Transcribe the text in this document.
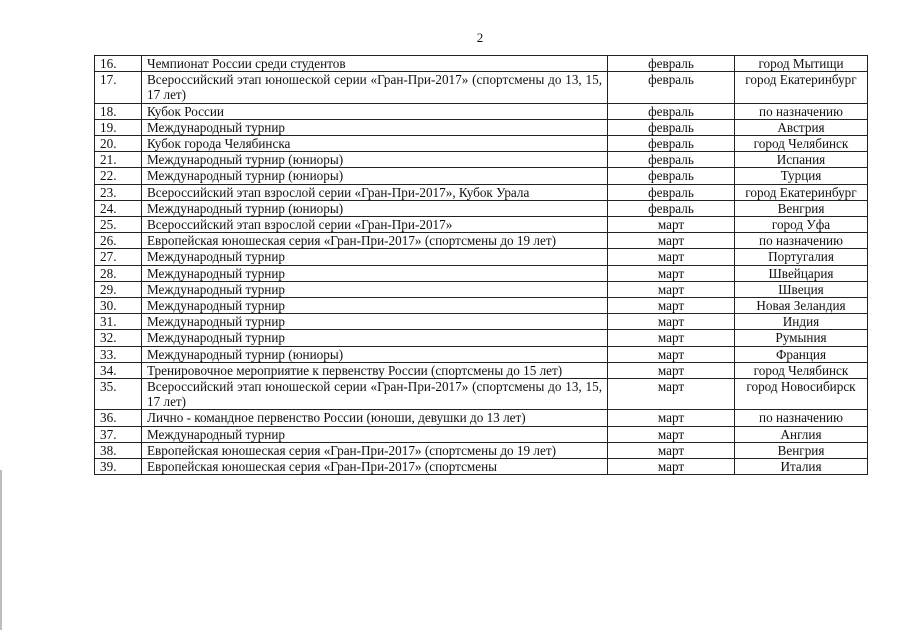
2
16.	Чемпионат России среди студентов	февраль	город Мытищи
17.	Всероссийский этап юношеской серии «Гран-При-2017» (спортсмены до 13, 15, 17 лет)	февраль	город Екатеринбург
18.	Кубок России	февраль	по назначению
19.	Международный турнир	февраль	Австрия
20.	Кубок города Челябинска	февраль	город Челябинск
21.	Международный турнир (юниоры)	февраль	Испания
22.	Международный турнир (юниоры)	февраль	Турция
23.	Всероссийский этап взрослой серии «Гран-При-2017», Кубок Урала	февраль	город Екатеринбург
24.	Международный турнир (юниоры)	февраль	Венгрия
25.	Всероссийский этап взрослой серии «Гран-При-2017»	март	город Уфа
26.	Европейская юношеская серия «Гран-При-2017» (спортсмены до 19 лет)	март	по назначению
27.	Международный турнир	март	Португалия
28.	Международный турнир	март	Швейцария
29.	Международный турнир	март	Швеция
30.	Международный турнир	март	Новая Зеландия
31.	Международный турнир	март	Индия
32.	Международный турнир	март	Румыния
33.	Международный турнир (юниоры)	март	Франция
34.	Тренировочное мероприятие к первенству России (спортсмены до 15 лет)	март	город Челябинск
35.	Всероссийский этап юношеской серии «Гран-При-2017» (спортсмены до 13, 15, 17 лет)	март	город Новосибирск
36.	Лично - командное первенство России (юноши, девушки до 13 лет)	март	по назначению
37.	Международный турнир	март	Англия
38.	Европейская юношеская серия «Гран-При-2017» (спортсмены до 19 лет)	март	Венгрия
39.	Европейская юношеская серия «Гран-При-2017» (спортсмены	март	Италия
